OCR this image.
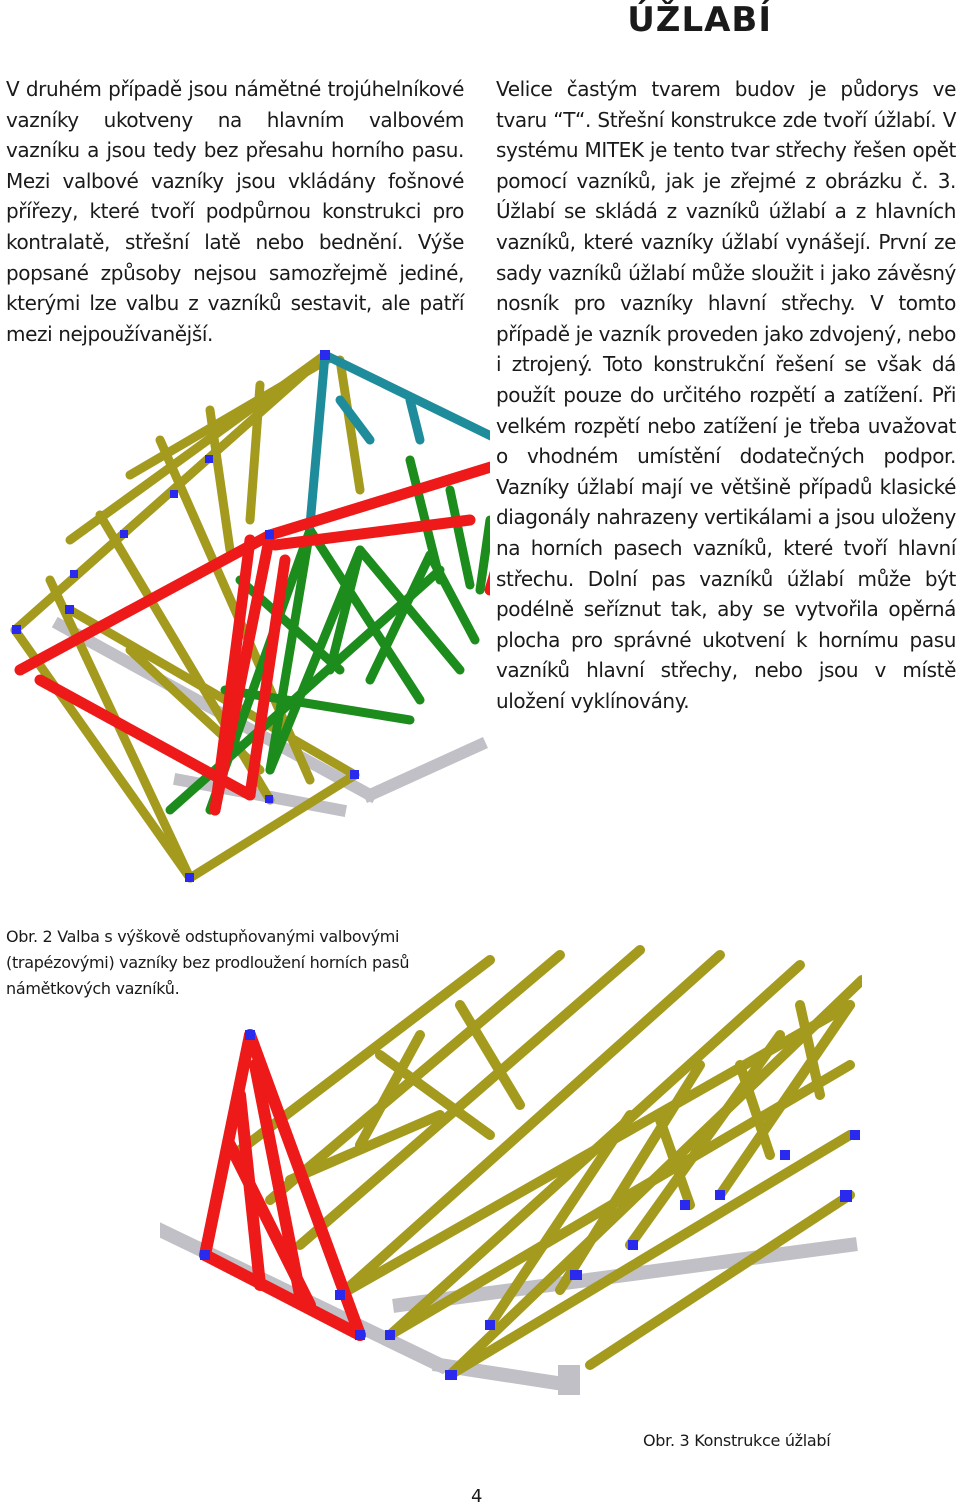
ÚŽLABÍ
V druhém případě jsou námětné trojúhelníkové vazníky ukotveny na hlavním valbovém vazníku a jsou tedy bez přesahu horního pasu. Mezi valbové vazníky jsou vkládány fošnové přířezy, které tvoří podpůrnou konstrukci pro kontralatě, střešní latě nebo bednění. Výše popsané způsoby nejsou samozřejmě jediné, kterými lze valbu z vazníků sestavit, ale patří mezi nejpoužívanější.
Velice častým tvarem budov je půdorys ve tvaru “T“. Střešní konstrukce zde tvoří úžlabí. V systému MITEK je tento tvar střechy řešen opět pomocí vazníků, jak je zřejmé z obrázku č. 3. Úžlabí se skládá z vazníků úžlabí a z hlavních vazníků, které vazníky úžlabí vynášejí. První ze sady vazníků úžlabí může sloužit i jako závěsný nosník pro vazníky hlavní střechy. V tomto případě je vazník proveden jako zdvojený, nebo i ztrojený. Toto konstrukční řešení se však dá použít pouze do určitého rozpětí a zatížení. Při velkém rozpětí nebo zatížení je třeba uvažovat o vhodném umístění dodatečných podpor. Vazníky úžlabí mají ve většině případů klasické diagonály nahrazeny vertikálami a jsou uloženy na horních pasech vazníků, které tvoří hlavní střechu. Dolní pas vazníků úžlabí může být podélně seříznut tak, aby se vytvořila opěrná plocha pro správné ukotvení k hornímu pasu vazníků hlavní střechy, nebo jsou v místě uložení vyklínovány.
Obr. 2 Valba s výškově odstupňovanými valbovými (trapézovými) vazníky bez prodloužení horních pasů námětkových vazníků.
Obr. 3 Konstrukce úžlabí
4
